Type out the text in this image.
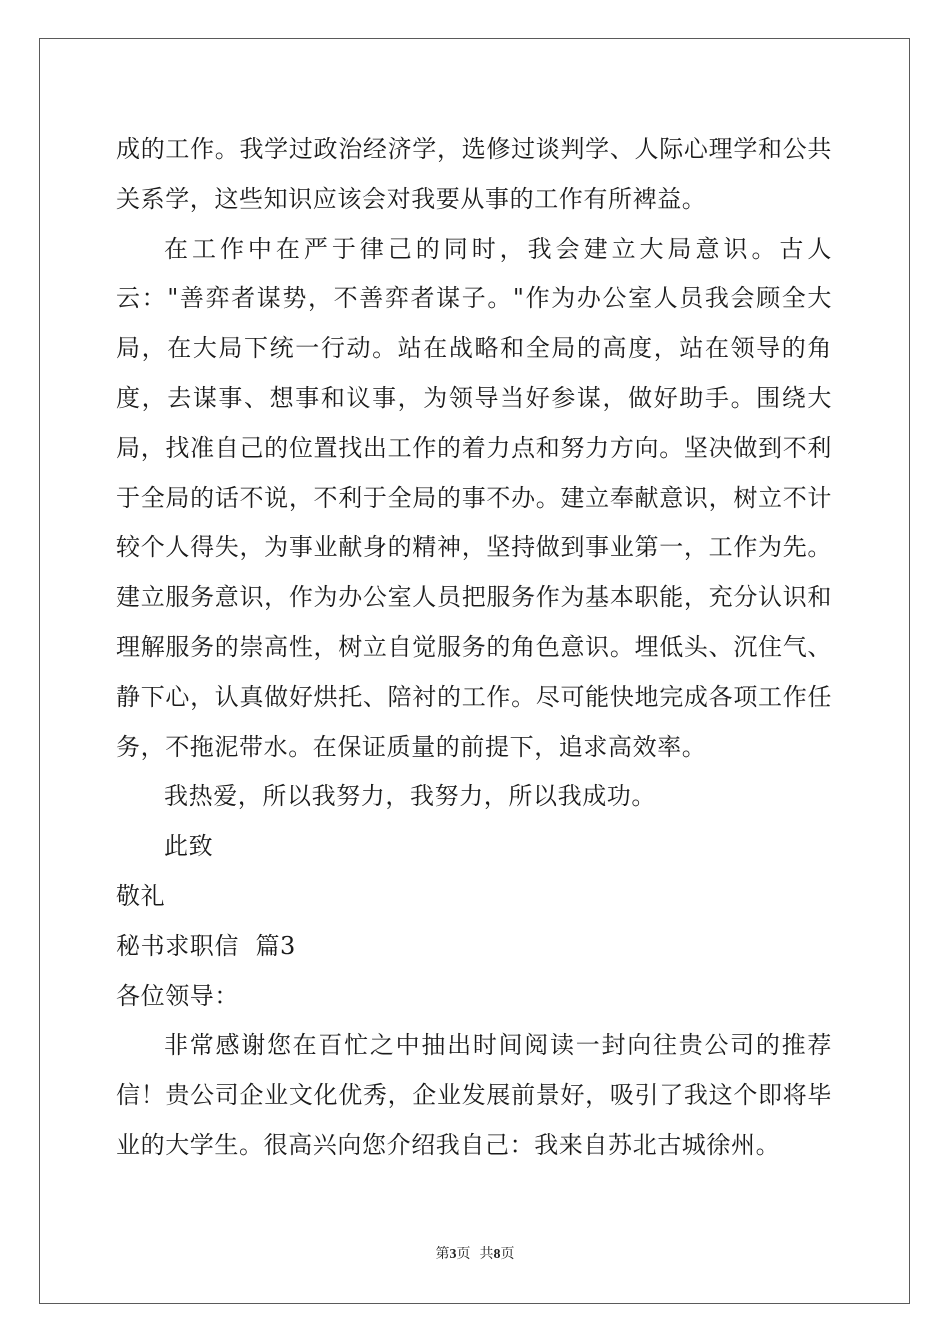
成的工作。我学过政治经济学，选修过谈判学、人际心理学和公共关系学，这些知识应该会对我要从事的工作有所裨益。

在工作中在严于律己的同时，我会建立大局意识。古人云："善弈者谋势，不善弈者谋子。"作为办公室人员我会顾全大局，在大局下统一行动。站在战略和全局的高度，站在领导的角度，去谋事、想事和议事，为领导当好参谋，做好助手。围绕大局，找准自己的位置找出工作的着力点和努力方向。坚决做到不利于全局的话不说，不利于全局的事不办。建立奉献意识，树立不计较个人得失，为事业献身的精神，坚持做到事业第一，工作为先。建立服务意识，作为办公室人员把服务作为基本职能，充分认识和理解服务的崇高性，树立自觉服务的角色意识。埋低头、沉住气、静下心，认真做好烘托、陪衬的工作。尽可能快地完成各项工作任务，不拖泥带水。在保证质量的前提下，追求高效率。

我热爱，所以我努力，我努力，所以我成功。

此致

敬礼

秘书求职信  篇3

各位领导：

非常感谢您在百忙之中抽出时间阅读一封向往贵公司的推荐信！贵公司企业文化优秀，企业发展前景好，吸引了我这个即将毕业的大学生。很高兴向您介绍我自己：我来自苏北古城徐州。

第3页  共8页
